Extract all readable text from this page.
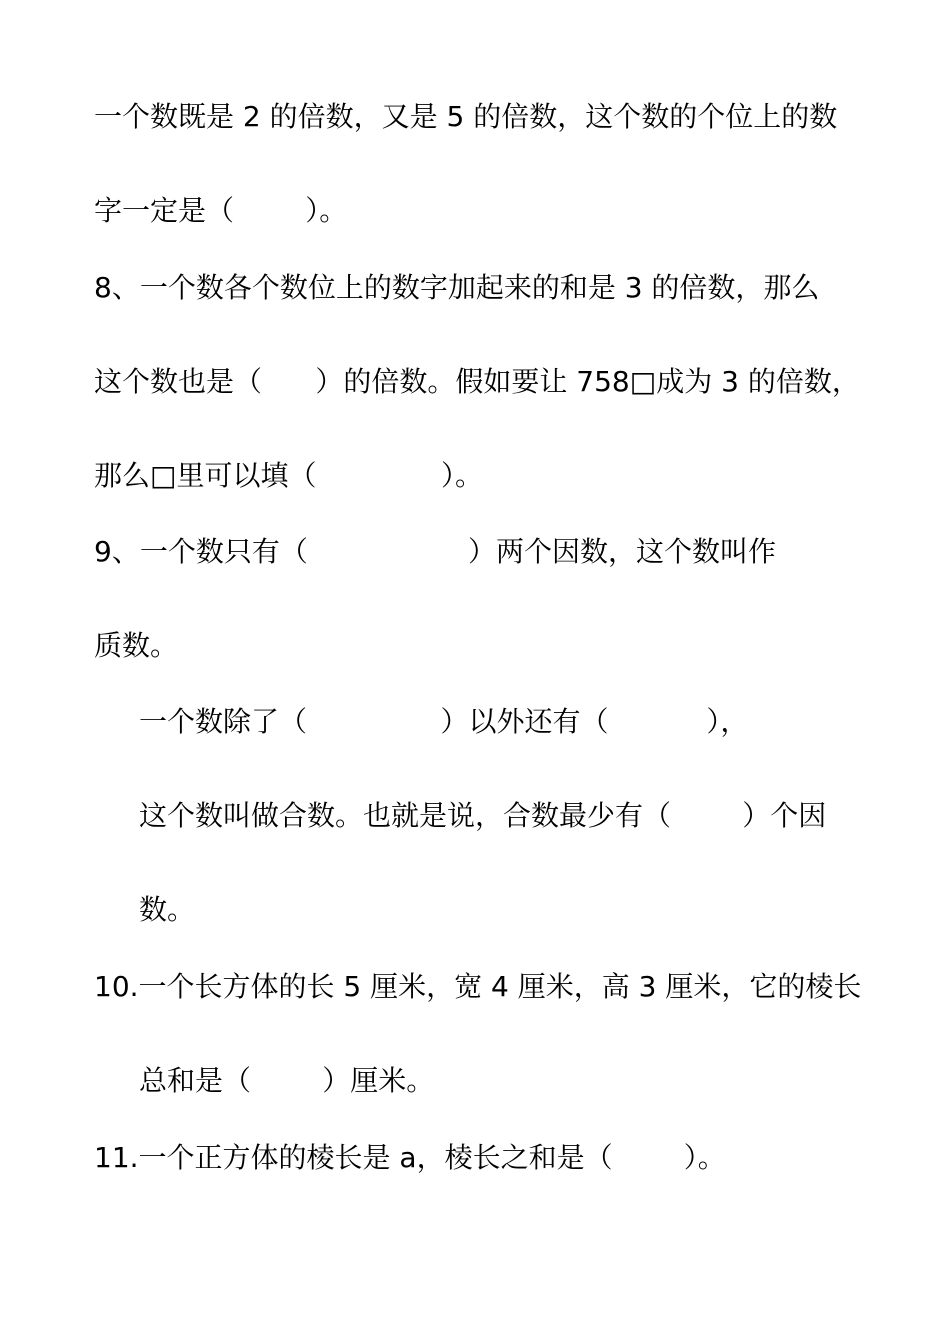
一个数既是 2 的倍数，又是 5 的倍数，这个数的个位上的数
字一定是（        ）。
8、一个数各个数位上的数字加起来的和是 3 的倍数，那么
这个数也是（      ）的倍数。假如要让 758□成为 3 的倍数，
那么□里可以填（              ）。
9、一个数只有（                  ）两个因数，这个数叫作
质数。
一个数除了（               ）以外还有（           ），
这个数叫做合数。也就是说，合数最少有（        ）个因
数。
10.一个长方体的长 5 厘米，宽 4 厘米，高 3 厘米，它的棱长
总和是（        ）厘米。
11.一个正方体的棱长是 a，棱长之和是（        ）。
